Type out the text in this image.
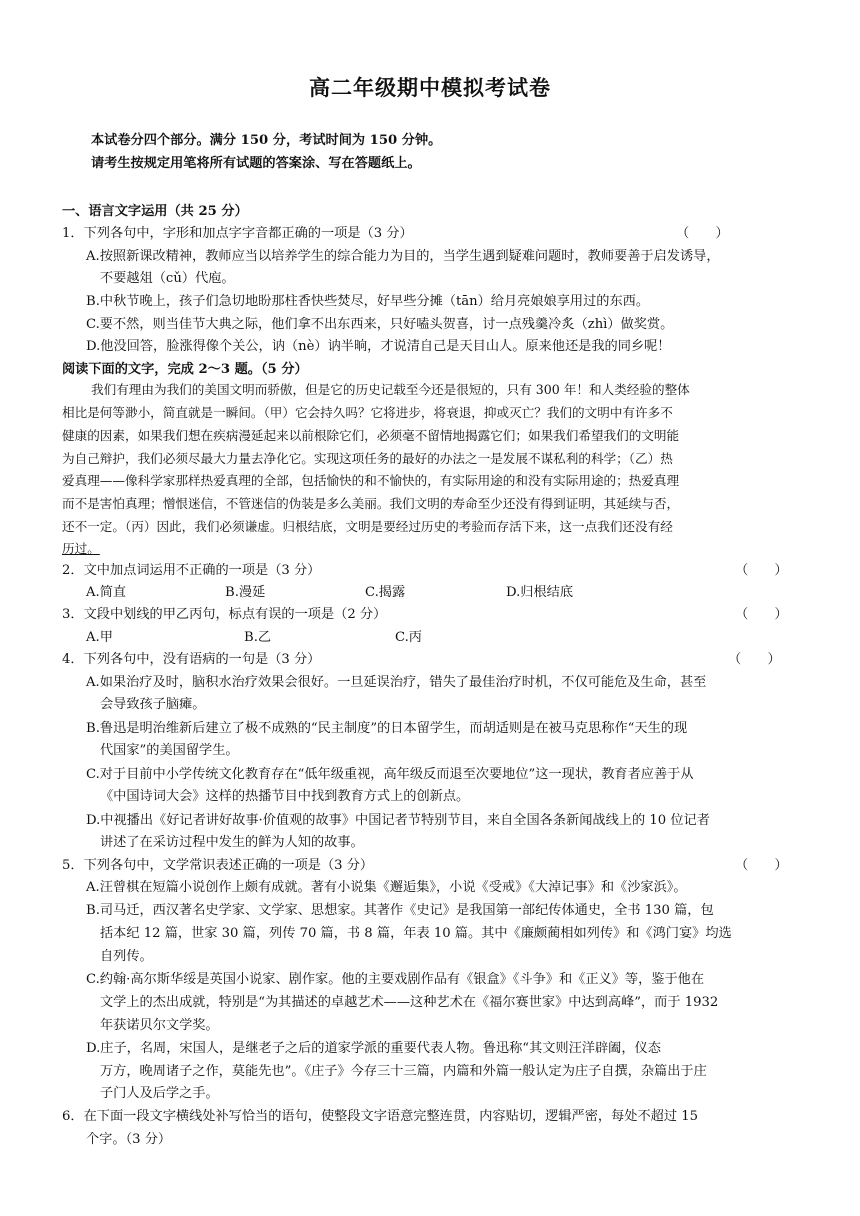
高二年级期中模拟考试卷
本试卷分四个部分。满分 150 分，考试时间为 150 分钟。
请考生按规定用笔将所有试题的答案涂、写在答题纸上。
一、语言文字运用（共 25 分）
1．下列各句中，字形和加点字字音都正确的一项是（3 分）	（　　）
A.按照新课改精神，教师应当以培养学生的综合能力为目的，当学生遇到疑难问题时，教师要善于启发诱导，
不要越俎（cǔ）代庖。
B.中秋节晚上，孩子们急切地盼那柱香快些焚尽，好早些分摊（tān）给月亮娘娘享用过的东西。
C.要不然，则当佳节大典之际，他们拿不出东西来，只好嗑头贺喜，讨一点残羹冷炙（zhì）做奖赏。
D.他没回答，脸涨得像个关公，讷（nè）讷半晌，才说清自己是天目山人。原来他还是我的同乡呢！
阅读下面的文字，完成 2～3 题。（5 分）
我们有理由为我们的美国文明而骄傲，但是它的历史记载至今还是很短的，只有 300 年！和人类经验的整体
相比是何等渺小，简直就是一瞬间。（甲）它会持久吗？它将进步，将衰退，抑或灭亡？我们的文明中有许多不
健康的因素，如果我们想在疾病漫延起来以前根除它们，必须毫不留情地揭露它们；如果我们希望我们的文明能
为自己辩护，我们必须尽最大力量去净化它。实现这项任务的最好的办法之一是发展不谋私利的科学；（乙）热
爱真理——像科学家那样热爱真理的全部，包括愉快的和不愉快的，有实际用途的和没有实际用途的；热爱真理
而不是害怕真理；憎恨迷信，不管迷信的伪装是多么美丽。我们文明的寿命至少还没有得到证明，其延续与否，
还不一定。（丙）因此，我们必须谦虚。归根结底，文明是要经过历史的考验而存活下来，这一点我们还没有经
历过。
2．文中加点词运用不正确的一项是（3 分）	（　　）
A.简直	B.漫延	C.揭露	D.归根结底
3．文段中划线的甲乙丙句，标点有误的一项是（2 分）	（　　）
A.甲	B.乙	C.丙
4．下列各句中，没有语病的一句是（3 分）	（　　）
A.如果治疗及时，脑积水治疗效果会很好。一旦延误治疗，错失了最佳治疗时机，不仅可能危及生命，甚至
会导致孩子脑瘫。
B.鲁迅是明治维新后建立了极不成熟的“民主制度”的日本留学生，而胡适则是在被马克思称作“天生的现
代国家”的美国留学生。
C.对于目前中小学传统文化教育存在“低年级重视，高年级反而退至次要地位”这一现状，教育者应善于从
《中国诗词大会》这样的热播节目中找到教育方式上的创新点。
D.中视播出《好记者讲好故事·价值观的故事》中国记者节特别节目，来自全国各条新闻战线上的 10 位记者
讲述了在采访过程中发生的鲜为人知的故事。
5．下列各句中，文学常识表述正确的一项是（3 分）	（　　）
A.汪曾棋在短篇小说创作上颇有成就。著有小说集《邂逅集》，小说《受戒》《大淖记事》和《沙家浜》。
B.司马迁，西汉著名史学家、文学家、思想家。其著作《史记》是我国第一部纪传体通史，全书 130 篇，包
括本纪 12 篇，世家 30 篇，列传 70 篇，书 8 篇，年表 10 篇。其中《廉颇蔺相如列传》和《鸿门宴》均选
自列传。
C.约翰·高尔斯华绥是英国小说家、剧作家。他的主要戏剧作品有《银盒》《斗争》和《正义》等，鉴于他在
文学上的杰出成就，特别是“为其描述的卓越艺术——这种艺术在《福尔赛世家》中达到高峰”，而于 1932
年获诺贝尔文学奖。
D.庄子，名周，宋国人，是继老子之后的道家学派的重要代表人物。鲁迅称“其文则汪洋辟阖，仪态
万方，晚周诸子之作，莫能先也”。《庄子》今存三十三篇，内篇和外篇一般认定为庄子自撰，杂篇出于庄
子门人及后学之手。
6．在下面一段文字横线处补写恰当的语句，使整段文字语意完整连贯，内容贴切，逻辑严密，每处不超过 15
个字。（3 分）
